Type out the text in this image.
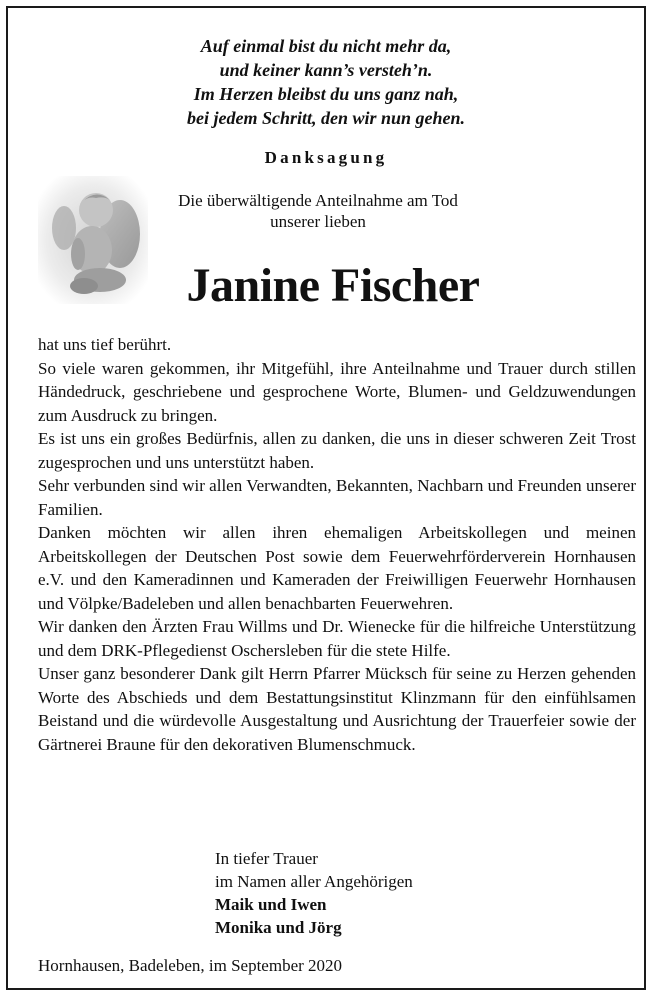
Auf einmal bist du nicht mehr da,
und keiner kann’s versteh’n.
Im Herzen bleibst du uns ganz nah,
bei jedem Schritt, den wir nun gehen.
Danksagung
Die überwältigende Anteilnahme am Tod
unserer lieben
Janine Fischer

hat uns tief berührt.

So viele waren gekommen, ihr Mitgefühl, ihre Anteilnahme und Trauer durch stillen Händedruck, geschriebene und gesprochene Worte, Blumen- und Geldzuwendungen zum Ausdruck zu bringen.

Es ist uns ein großes Bedürfnis, allen zu danken, die uns in dieser schweren Zeit Trost zugesprochen und uns unterstützt haben.

Sehr verbunden sind wir allen Verwandten, Bekannten, Nachbarn und Freunden unserer Familien.

Danken möchten wir allen ihren ehemaligen Arbeitskollegen und meinen Arbeitskollegen der Deutschen Post sowie dem Feuerwehrförderverein Hornhausen e.V. und den Kameradinnen und Kameraden der Freiwilligen Feuerwehr Hornhausen und Völpke/Badeleben und allen benachbarten Feuerwehren.

Wir danken den Ärzten Frau Willms und Dr. Wienecke für die hilfreiche Unterstützung und dem DRK-Pflegedienst Oschersleben für die stete Hilfe.

Unser ganz besonderer Dank gilt Herrn Pfarrer Mücksch für seine zu Herzen gehenden Worte des Abschieds und dem Bestattungsinstitut Klinzmann für den einfühlsamen Beistand und die würdevolle Ausgestaltung und Ausrichtung der Trauerfeier sowie der Gärtnerei Braune für den dekorativen Blumenschmuck.

In tiefer Trauer
im Namen aller Angehörigen
Maik und Iwen
Monika und Jörg
Hornhausen, Badeleben, im September 2020
